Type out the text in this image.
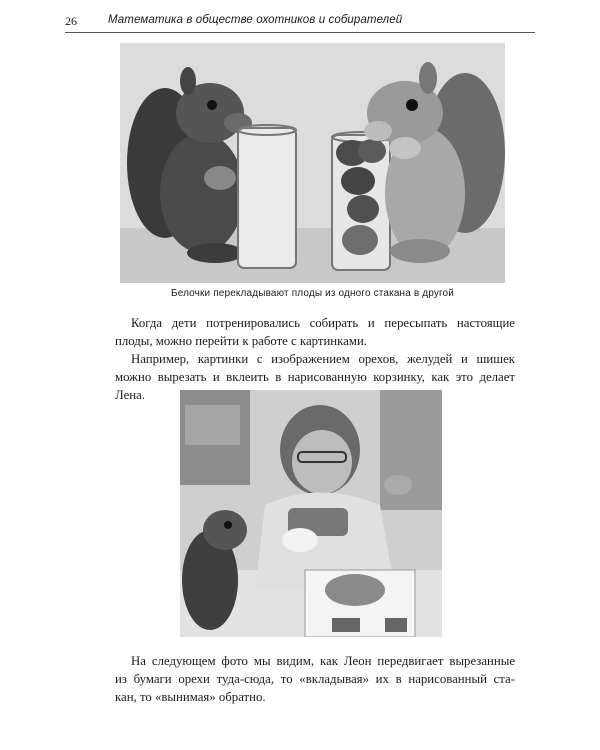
26	Математика в обществе охотников и собирателей
Белочки перекладывают плоды из одного стакана в другой
Когда дети потренировались собирать и пересыпать настоящие
плоды, можно перейти к работе с картинками.
Например, картинки с изображением орехов, желудей и шишек
можно вырезать и вклеить в нарисованную корзинку, как это делает
Лена.
На следующем фото мы видим, как Леон передвигает вырезанные
из бумаги орехи туда-сюда, то «вкладывая» их в нарисованный ста-
кан, то «вынимая» обратно.
